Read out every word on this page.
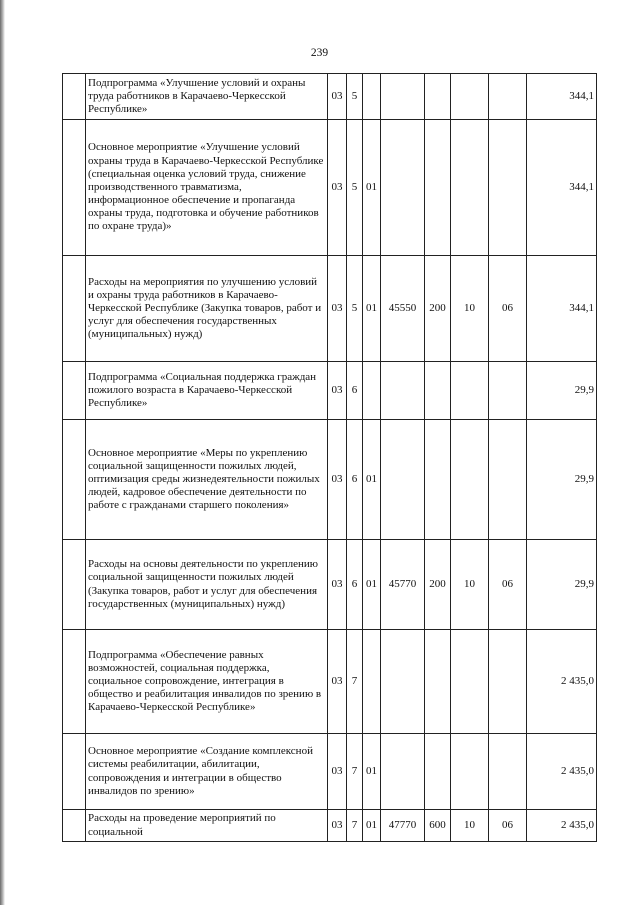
239
	Подпрограмма «Улучшение условий и охраны труда работников в Карачаево-Черкесской Республике»	03	5						344,1
	Основное мероприятие «Улучшение условий охраны труда в Карачаево-Черкесской Республике (специальная оценка условий труда, снижение производственного травматизма, информационное обеспечение и пропаганда охраны труда, подготовка и обучение работников по охране труда)»	03	5	01					344,1
	Расходы на мероприятия по улучшению условий и охраны труда работников в Карачаево-Черкесской Республике (Закупка товаров, работ и услуг для обеспечения государственных (муниципальных) нужд)	03	5	01	45550	200	10	06	344,1
	Подпрограмма «Социальная поддержка граждан пожилого возраста в Карачаево-Черкесской Республике»	03	6						29,9
	Основное мероприятие «Меры по укреплению социальной защищенности пожилых людей, оптимизация среды жизнедеятельности пожилых людей, кадровое обеспечение деятельности по работе с гражданами старшего поколения»	03	6	01					29,9
	Расходы на основы деятельности по укреплению социальной защищенности пожилых людей (Закупка товаров, работ и услуг для обеспечения государственных (муниципальных) нужд)	03	6	01	45770	200	10	06	29,9
	Подпрограмма «Обеспечение равных возможностей, социальная поддержка, социальное сопровождение, интеграция в общество и реабилитация инвалидов по зрению в Карачаево-Черкесской Республике»	03	7						2 435,0
	Основное мероприятие «Создание комплексной системы реабилитации, абилитации, сопровождения и интеграции в общество инвалидов по зрению»	03	7	01					2 435,0
	Расходы на проведение мероприятий по социальной	03	7	01	47770	600	10	06	2 435,0
